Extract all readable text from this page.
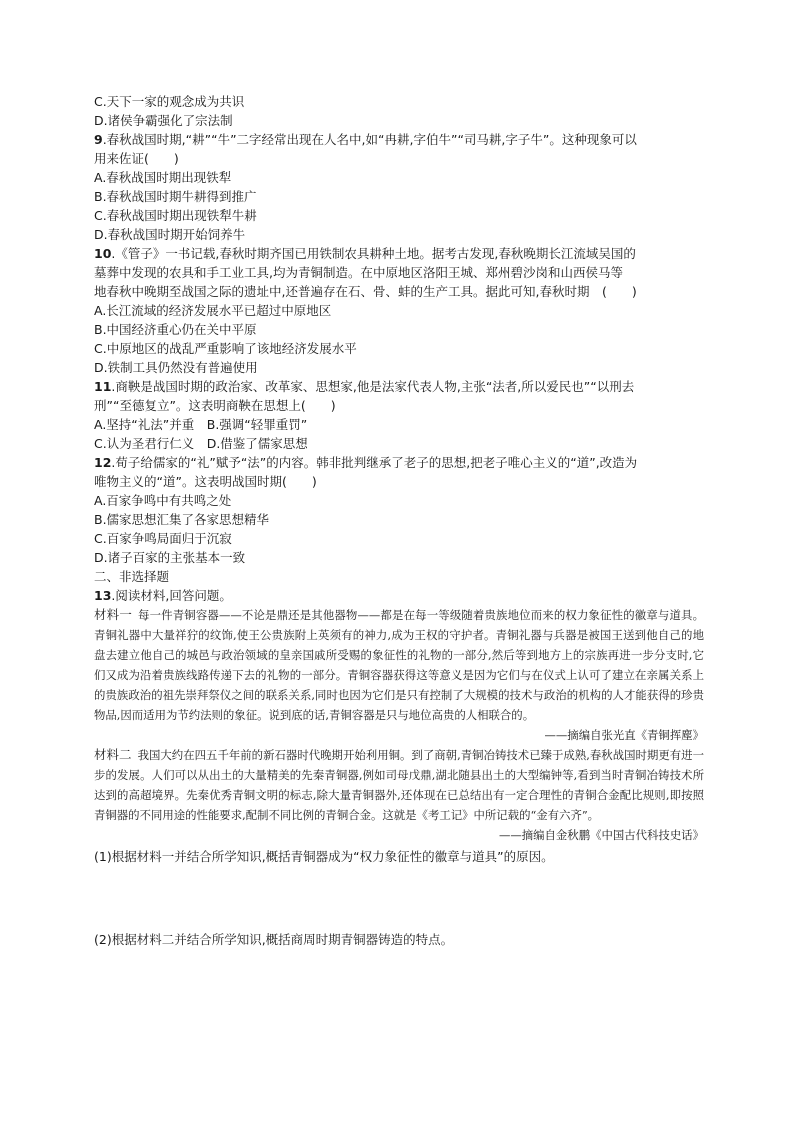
C.天下一家的观念成为共识
D.诸侯争霸强化了宗法制
9.春秋战国时期,“耕”“牛”二字经常出现在人名中,如“冉耕,字伯牛”“司马耕,字子牛”。这种现象可以
用来佐证(　　)
A.春秋战国时期出现铁犁
B.春秋战国时期牛耕得到推广
C.春秋战国时期出现铁犁牛耕
D.春秋战国时期开始饲养牛
10.《管子》一书记载,春秋时期齐国已用铁制农具耕种土地。据考古发现,春秋晚期长江流域吴国的
墓葬中发现的农具和手工业工具,均为青铜制造。在中原地区洛阳王城、郑州碧沙岗和山西侯马等
地春秋中晚期至战国之际的遗址中,还普遍存在石、骨、蚌的生产工具。据此可知,春秋时期　(　　)
A.长江流域的经济发展水平已超过中原地区
B.中国经济重心仍在关中平原
C.中原地区的战乱严重影响了该地经济发展水平
D.铁制工具仍然没有普遍使用
11.商鞅是战国时期的政治家、改革家、思想家,他是法家代表人物,主张“法者,所以爱民也”“以刑去
刑”“至德复立”。这表明商鞅在思想上(　　)
A.坚持“礼法”并重　B.强调“轻罪重罚”
C.认为圣君行仁义　D.借鉴了儒家思想
12.荀子给儒家的“礼”赋予“法”的内容。韩非批判继承了老子的思想,把老子唯心主义的“道”,改造为
唯物主义的“道”。这表明战国时期(　　)
A.百家争鸣中有共鸣之处
B.儒家思想汇集了各家思想精华
C.百家争鸣局面归于沉寂
D.诸子百家的主张基本一致
二、非选择题
13.阅读材料,回答问题。
材料一 每一件青铜容器——不论是鼎还是其他器物——都是在每一等级随着贵族地位而来的权力象征性的徽章与道具。青铜礼器中大量祥狞的纹饰,使王公贵族附上英须有的神力,成为王权的守护者。青铜礼器与兵器是被国王送到他自己的地盘去建立他自己的城邑与政治领域的皇亲国戚所受赐的象征性的礼物的一部分,然后等到地方上的宗族再进一步分支时,它们又成为沿着贵族线路传递下去的礼物的一部分。青铜容器获得这等意义是因为它们与在仪式上认可了建立在亲属关系上的贵族政治的祖先崇拜祭仪之间的联系关系,同时也因为它们是只有控制了大规模的技术与政治的机构的人才能获得的珍贵物品,因而适用为节约法则的象征。说到底的话,青铜容器是只与地位高贵的人相联合的。
——摘编自张光直《青铜挥塵》
材料二 我国大约在四五千年前的新石器时代晚期开始利用铜。到了商朝,青铜冶铸技术已臻于成熟,春秋战国时期更有进一步的发展。人们可以从出土的大量精美的先秦青铜器,例如司母戊鼎,湖北随县出土的大型编钟等,看到当时青铜冶铸技术所达到的高超境界。先秦优秀青铜文明的标志,除大量青铜器外,还体现在已总结出有一定合理性的青铜合金配比规则,即按照青铜器的不同用途的性能要求,配制不同比例的青铜合金。这就是《考工记》中所记载的“金有六齐”。
——摘编自金秋鹏《中国古代科技史话》
(1)根据材料一并结合所学知识,概括青铜器成为“权力象征性的徽章与道具”的原因。
(2)根据材料二并结合所学知识,概括商周时期青铜器铸造的特点。
